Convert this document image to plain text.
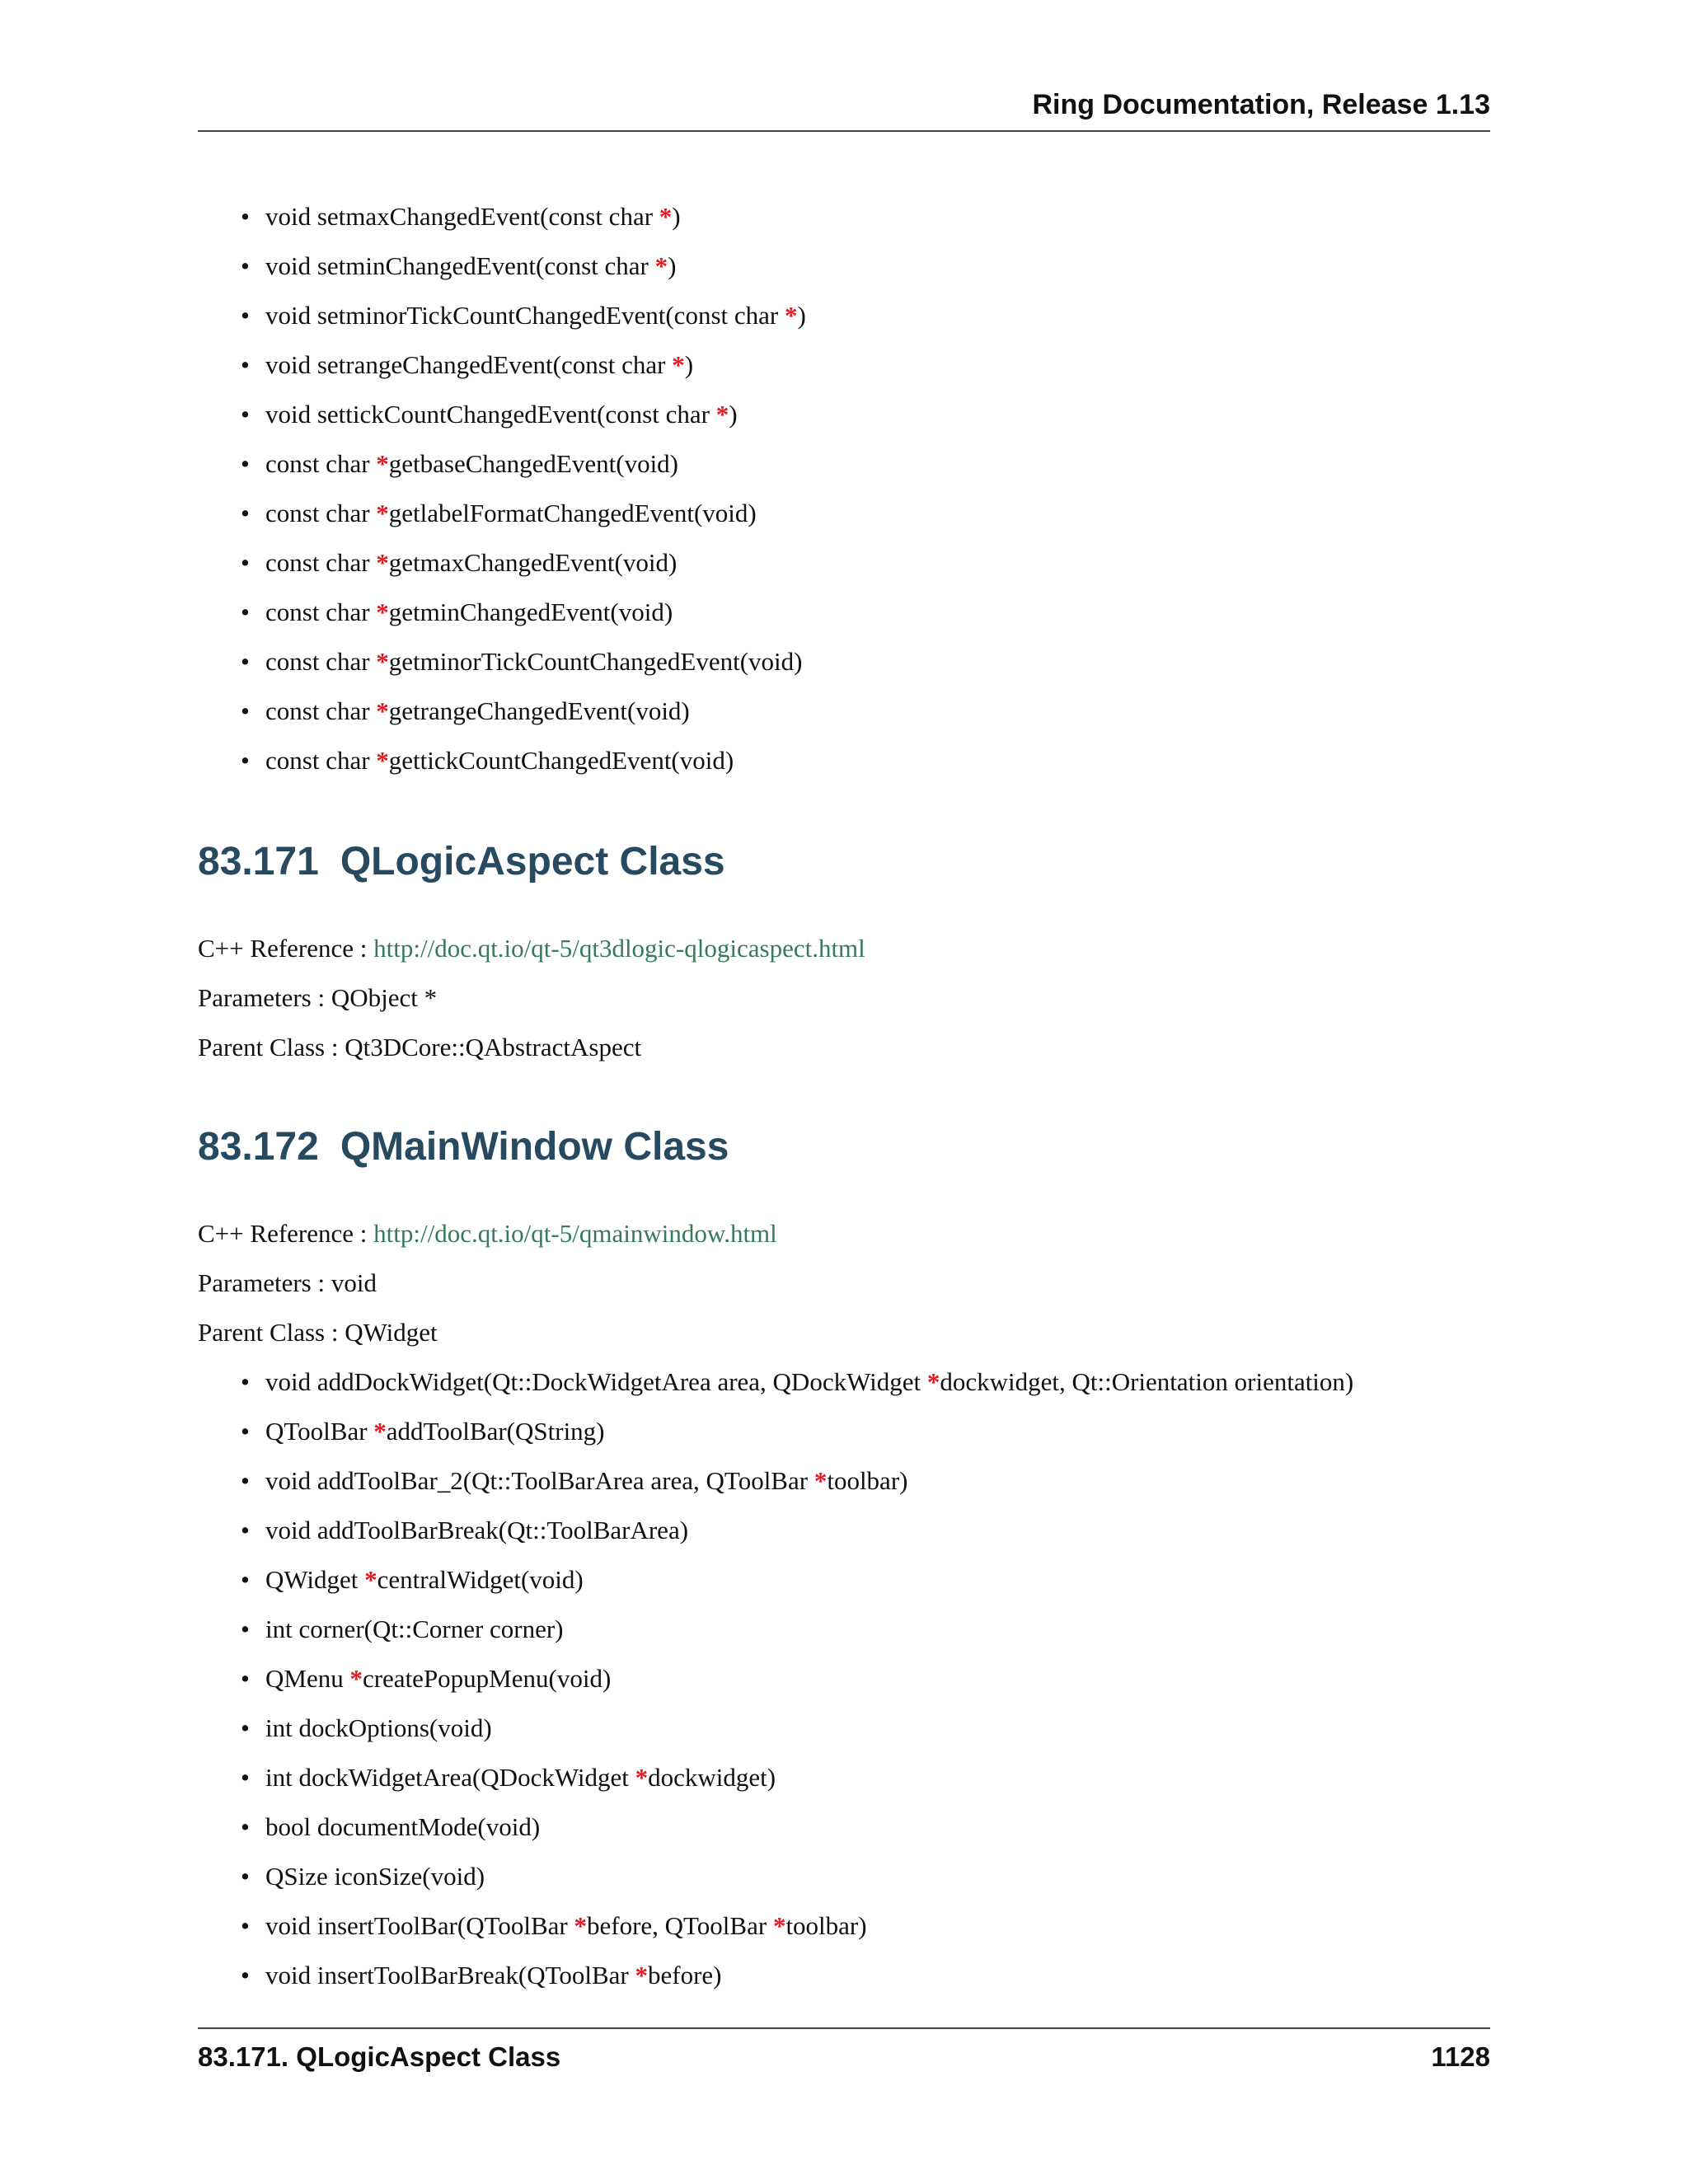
Ring Documentation, Release 1.13
• void setmaxChangedEvent(const char *)
• void setminChangedEvent(const char *)
• void setminorTickCountChangedEvent(const char *)
• void setrangeChangedEvent(const char *)
• void settickCountChangedEvent(const char *)
• const char *getbaseChangedEvent(void)
• const char *getlabelFormatChangedEvent(void)
• const char *getmaxChangedEvent(void)
• const char *getminChangedEvent(void)
• const char *getminorTickCountChangedEvent(void)
• const char *getrangeChangedEvent(void)
• const char *gettickCountChangedEvent(void)
83.171 QLogicAspect Class
C++ Reference : http://doc.qt.io/qt-5/qt3dlogic-qlogicaspect.html
Parameters : QObject *
Parent Class : Qt3DCore::QAbstractAspect
83.172 QMainWindow Class
C++ Reference : http://doc.qt.io/qt-5/qmainwindow.html
Parameters : void
Parent Class : QWidget
• void addDockWidget(Qt::DockWidgetArea area, QDockWidget *dockwidget, Qt::Orientation orientation)
• QToolBar *addToolBar(QString)
• void addToolBar_2(Qt::ToolBarArea area, QToolBar *toolbar)
• void addToolBarBreak(Qt::ToolBarArea)
• QWidget *centralWidget(void)
• int corner(Qt::Corner corner)
• QMenu *createPopupMenu(void)
• int dockOptions(void)
• int dockWidgetArea(QDockWidget *dockwidget)
• bool documentMode(void)
• QSize iconSize(void)
• void insertToolBar(QToolBar *before, QToolBar *toolbar)
• void insertToolBarBreak(QToolBar *before)
83.171. QLogicAspect Class	1128
